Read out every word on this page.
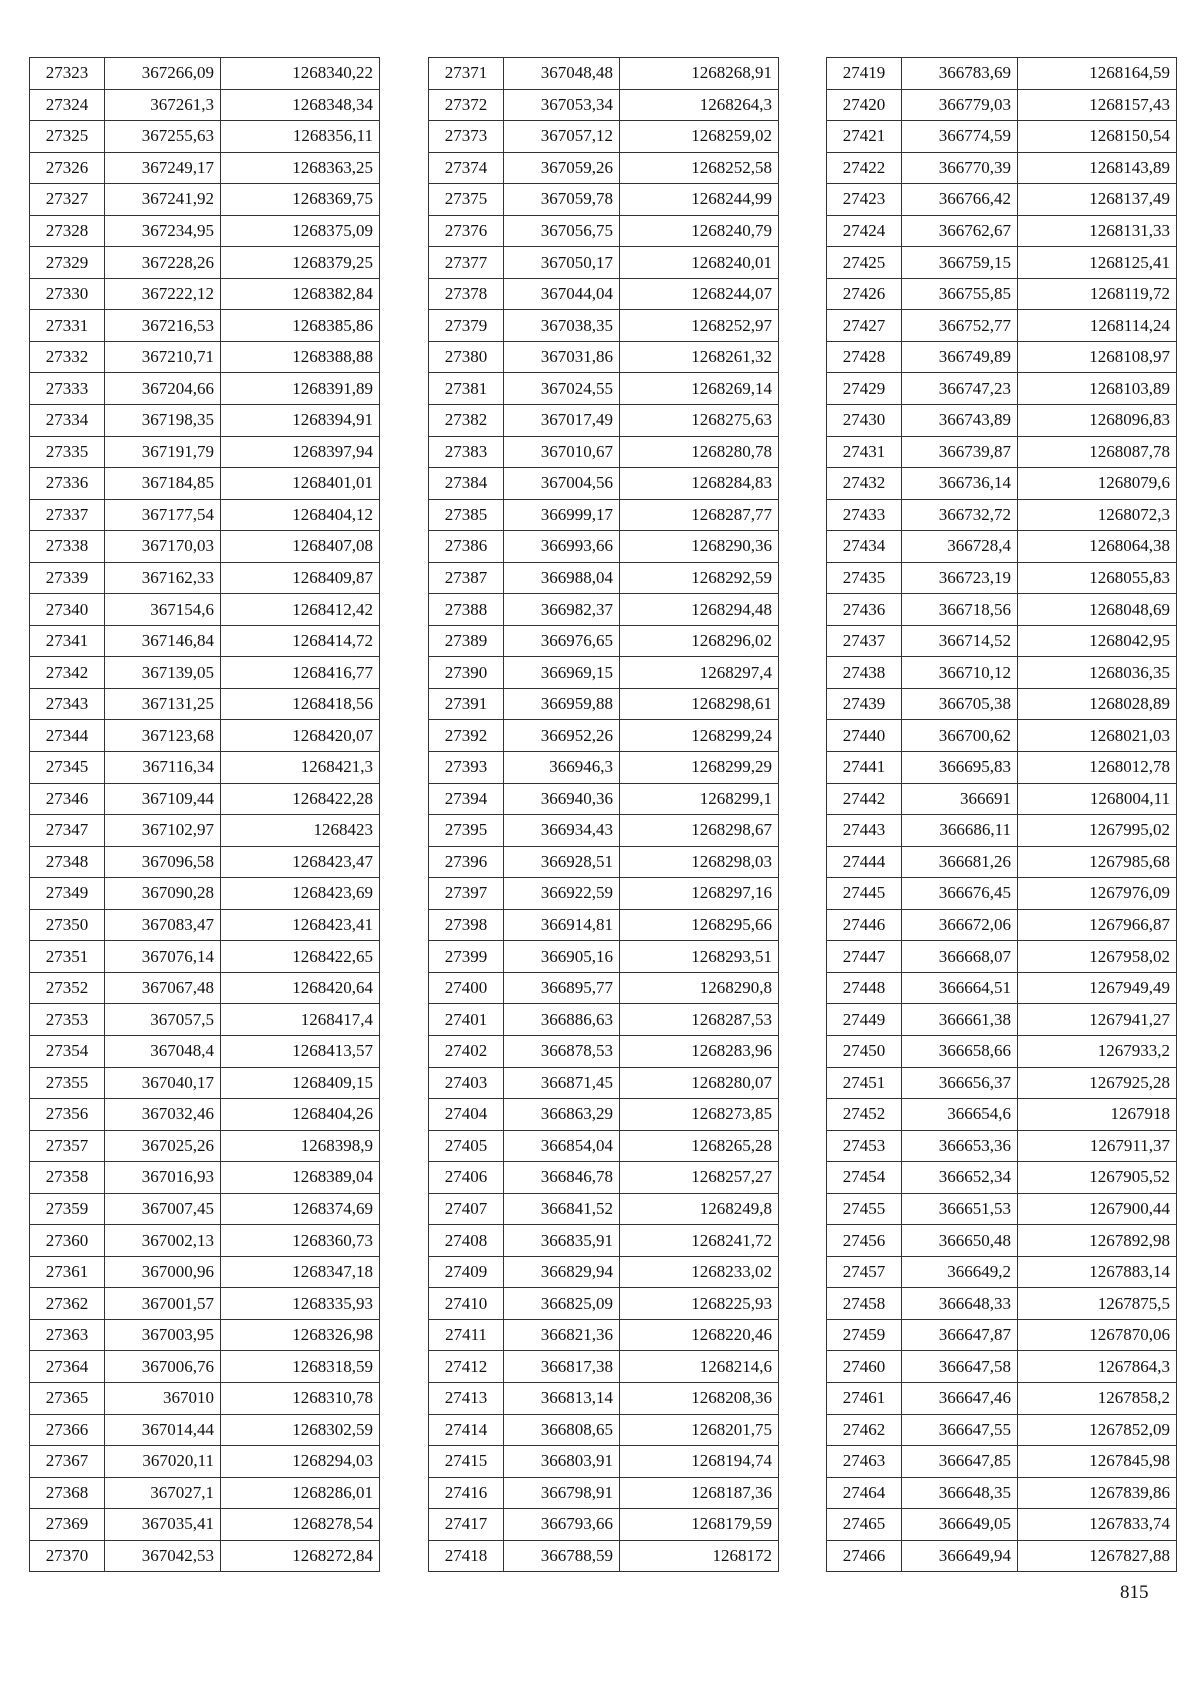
27323	367266,09	1268340,22
27324	367261,3	1268348,34
27325	367255,63	1268356,11
27326	367249,17	1268363,25
27327	367241,92	1268369,75
27328	367234,95	1268375,09
27329	367228,26	1268379,25
27330	367222,12	1268382,84
27331	367216,53	1268385,86
27332	367210,71	1268388,88
27333	367204,66	1268391,89
27334	367198,35	1268394,91
27335	367191,79	1268397,94
27336	367184,85	1268401,01
27337	367177,54	1268404,12
27338	367170,03	1268407,08
27339	367162,33	1268409,87
27340	367154,6	1268412,42
27341	367146,84	1268414,72
27342	367139,05	1268416,77
27343	367131,25	1268418,56
27344	367123,68	1268420,07
27345	367116,34	1268421,3
27346	367109,44	1268422,28
27347	367102,97	1268423
27348	367096,58	1268423,47
27349	367090,28	1268423,69
27350	367083,47	1268423,41
27351	367076,14	1268422,65
27352	367067,48	1268420,64
27353	367057,5	1268417,4
27354	367048,4	1268413,57
27355	367040,17	1268409,15
27356	367032,46	1268404,26
27357	367025,26	1268398,9
27358	367016,93	1268389,04
27359	367007,45	1268374,69
27360	367002,13	1268360,73
27361	367000,96	1268347,18
27362	367001,57	1268335,93
27363	367003,95	1268326,98
27364	367006,76	1268318,59
27365	367010	1268310,78
27366	367014,44	1268302,59
27367	367020,11	1268294,03
27368	367027,1	1268286,01
27369	367035,41	1268278,54
27370	367042,53	1268272,84
27371	367048,48	1268268,91
27372	367053,34	1268264,3
27373	367057,12	1268259,02
27374	367059,26	1268252,58
27375	367059,78	1268244,99
27376	367056,75	1268240,79
27377	367050,17	1268240,01
27378	367044,04	1268244,07
27379	367038,35	1268252,97
27380	367031,86	1268261,32
27381	367024,55	1268269,14
27382	367017,49	1268275,63
27383	367010,67	1268280,78
27384	367004,56	1268284,83
27385	366999,17	1268287,77
27386	366993,66	1268290,36
27387	366988,04	1268292,59
27388	366982,37	1268294,48
27389	366976,65	1268296,02
27390	366969,15	1268297,4
27391	366959,88	1268298,61
27392	366952,26	1268299,24
27393	366946,3	1268299,29
27394	366940,36	1268299,1
27395	366934,43	1268298,67
27396	366928,51	1268298,03
27397	366922,59	1268297,16
27398	366914,81	1268295,66
27399	366905,16	1268293,51
27400	366895,77	1268290,8
27401	366886,63	1268287,53
27402	366878,53	1268283,96
27403	366871,45	1268280,07
27404	366863,29	1268273,85
27405	366854,04	1268265,28
27406	366846,78	1268257,27
27407	366841,52	1268249,8
27408	366835,91	1268241,72
27409	366829,94	1268233,02
27410	366825,09	1268225,93
27411	366821,36	1268220,46
27412	366817,38	1268214,6
27413	366813,14	1268208,36
27414	366808,65	1268201,75
27415	366803,91	1268194,74
27416	366798,91	1268187,36
27417	366793,66	1268179,59
27418	366788,59	1268172
27419	366783,69	1268164,59
27420	366779,03	1268157,43
27421	366774,59	1268150,54
27422	366770,39	1268143,89
27423	366766,42	1268137,49
27424	366762,67	1268131,33
27425	366759,15	1268125,41
27426	366755,85	1268119,72
27427	366752,77	1268114,24
27428	366749,89	1268108,97
27429	366747,23	1268103,89
27430	366743,89	1268096,83
27431	366739,87	1268087,78
27432	366736,14	1268079,6
27433	366732,72	1268072,3
27434	366728,4	1268064,38
27435	366723,19	1268055,83
27436	366718,56	1268048,69
27437	366714,52	1268042,95
27438	366710,12	1268036,35
27439	366705,38	1268028,89
27440	366700,62	1268021,03
27441	366695,83	1268012,78
27442	366691	1268004,11
27443	366686,11	1267995,02
27444	366681,26	1267985,68
27445	366676,45	1267976,09
27446	366672,06	1267966,87
27447	366668,07	1267958,02
27448	366664,51	1267949,49
27449	366661,38	1267941,27
27450	366658,66	1267933,2
27451	366656,37	1267925,28
27452	366654,6	1267918
27453	366653,36	1267911,37
27454	366652,34	1267905,52
27455	366651,53	1267900,44
27456	366650,48	1267892,98
27457	366649,2	1267883,14
27458	366648,33	1267875,5
27459	366647,87	1267870,06
27460	366647,58	1267864,3
27461	366647,46	1267858,2
27462	366647,55	1267852,09
27463	366647,85	1267845,98
27464	366648,35	1267839,86
27465	366649,05	1267833,74
27466	366649,94	1267827,88
815
